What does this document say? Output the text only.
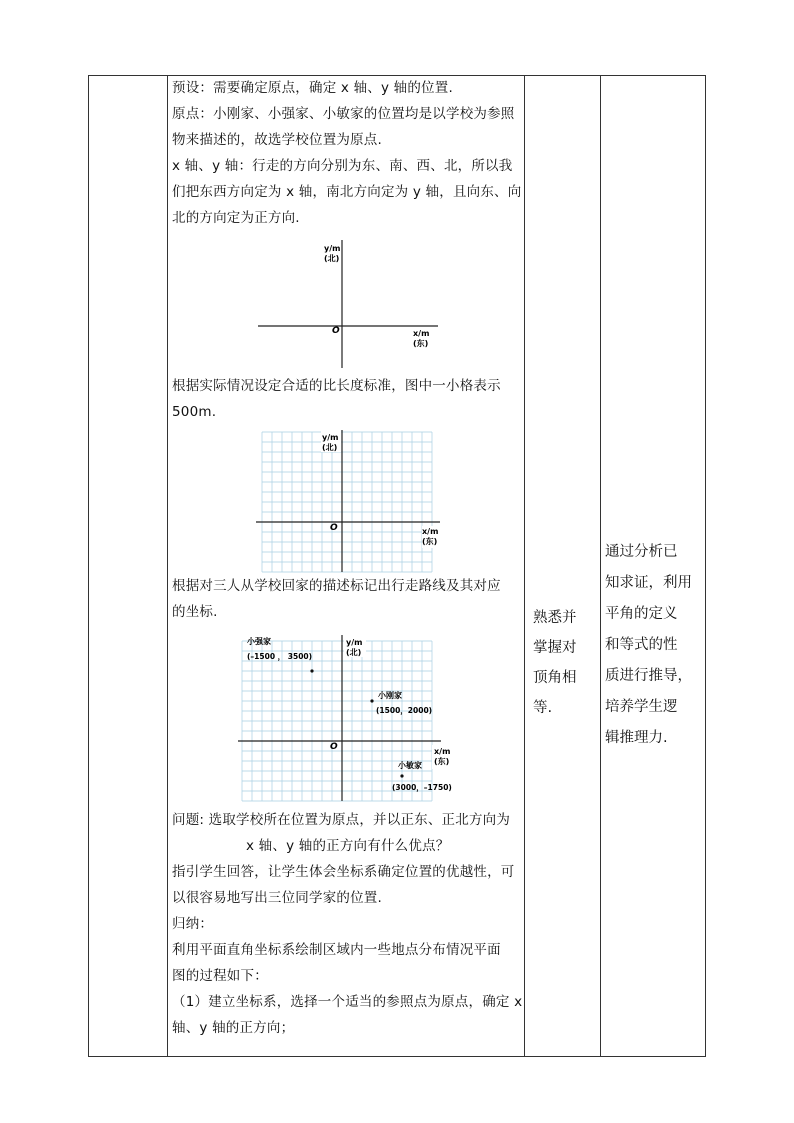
预设：需要确定原点，确定 x 轴、y 轴的位置.
原点：小刚家、小强家、小敏家的位置均是以学校为参照
物来描述的，故选学校位置为原点.
x 轴、y 轴：行走的方向分别为东、南、西、北，所以我
们把东西方向定为 x 轴，南北方向定为 y 轴，且向东、向
北的方向定为正方向.
y/m
(北)
O	x/m
(东)
根据实际情况设定合适的比长度标准，图中一小格表示
500m.
y/m
(北)
O	x/m
(东)
根据对三人从学校回家的描述标记出行走路线及其对应
的坐标.
y/m
(北)
O	x/m
(东)
小强家
(–1500 ， 3500)
小刚家
(1500，2000)
小敏家
(3000，–1750)
问题: 选取学校所在位置为原点，并以正东、正北方向为
x 轴、y 轴的正方向有什么优点？
指引学生回答，让学生体会坐标系确定位置的优越性，可
以很容易地写出三位同学家的位置.
归纳：
利用平面直角坐标系绘制区域内一些地点分布情况平面
图的过程如下：
（1）建立坐标系，选择一个适当的参照点为原点，确定 x
轴、y 轴的正方向；
熟悉并
掌握对
顶角相
等.
通过分析已
知求证，利用
平角的定义
和等式的性
质进行推导，
培养学生逻
辑推理力.
